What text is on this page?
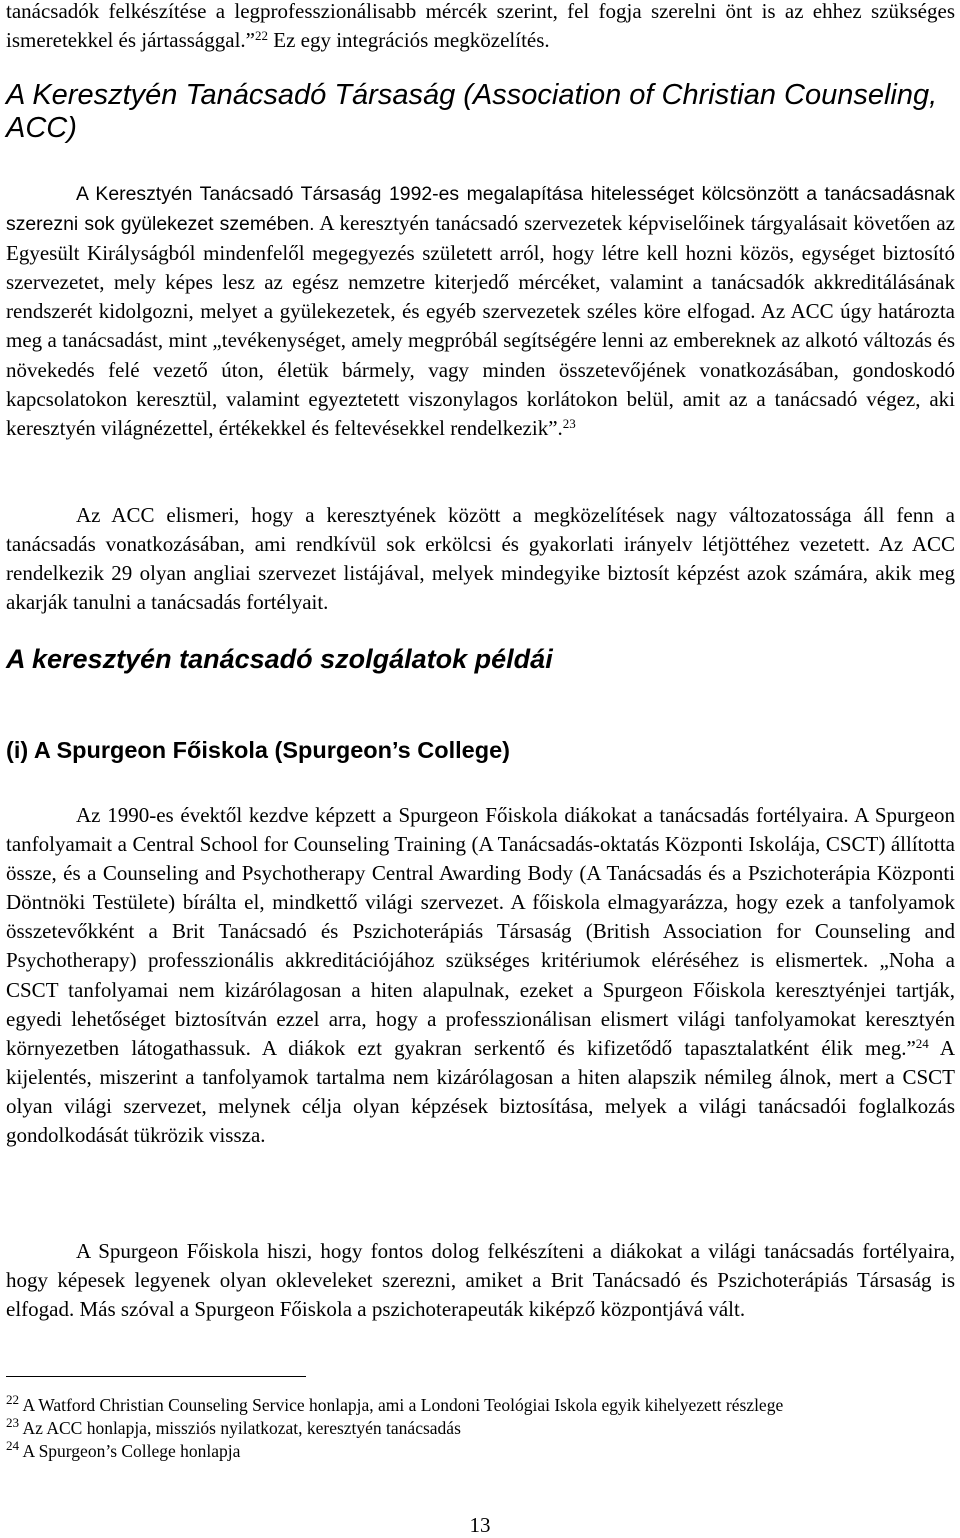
tanácsadók felkészítése a legprofesszionálisabb mércék szerint, fel fogja szerelni önt is az ehhez szükséges ismeretekkel és jártassággal.”$^{22}$ Ez egy integrációs megközelítés.

A Keresztyén Tanácsadó Társaság (Association of Christian Counseling, ACC)

A Keresztyén Tanácsadó Társaság 1992-es megalapítása hitelességet kölcsönzött a tanácsadásnak szerezni sok gyülekezet szemében. A keresztyén tanácsadó szervezetek képviselőinek tárgyalásait követően az Egyesült Királyságból mindenfelől megegyezés született arról, hogy létre kell hozni közös, egységet biztosító szervezetet, mely képes lesz az egész nemzetre kiterjedő mércéket, valamint a tanácsadók akkreditálásának rendszerét kidolgozni, melyet a gyülekezetek, és egyéb szervezetek széles köre elfogad. Az ACC úgy határozta meg a tanácsadást, mint „tevékenységet, amely megpróbál segítségére lenni az embereknek az alkotó változás és növekedés felé vezető úton, életük bármely, vagy minden összetevőjének vonatkozásában, gondoskodó kapcsolatokon keresztül, valamint egyeztetett viszonylagos korlátokon belül, amit az a tanácsadó végez, aki keresztyén világnézettel, értékekkel és feltevésekkel rendelkezik”.$^{23}$

Az ACC elismeri, hogy a keresztyének között a megközelítések nagy változatossága áll fenn a tanácsadás vonatkozásában, ami rendkívül sok erkölcsi és gyakorlati irányelv létjöttéhez vezetett. Az ACC rendelkezik 29 olyan angliai szervezet listájával, melyek mindegyike biztosít képzést azok számára, akik meg akarják tanulni a tanácsadás fortélyait.

A keresztyén tanácsadó szolgálatok példái
(i) A Spurgeon Főiskola (Spurgeon’s College)

Az 1990-es évektől kezdve képzett a Spurgeon Főiskola diákokat a tanácsadás fortélyaira. A Spurgeon tanfolyamait a Central School for Counseling Training (A Tanácsadás-oktatás Központi Iskolája, CSCT) állította össze, és a Counseling and Psychotherapy Central Awarding Body (A Tanácsadás és a Pszichoterápia Központi Döntnöki Testülete) bírálta el, mindkettő világi szervezet. A főiskola elmagyarázza, hogy ezek a tanfolyamok összetevőkként a Brit Tanácsadó és Pszichoterápiás Társaság (British Association for Counseling and Psychotherapy) professzionális akkreditációjához szükséges kritériumok eléréséhez is elismertek. „Noha a CSCT tanfolyamai nem kizárólagosan a hiten alapulnak, ezeket a Spurgeon Főiskola keresztyénjei tartják, egyedi lehetőséget biztosítván ezzel arra, hogy a professzionálisan elismert világi tanfolyamokat keresztyén környezetben látogathassuk. A diákok ezt gyakran serkentő és kifizetődő tapasztalatként élik meg.”$^{24}$ A kijelentés, miszerint a tanfolyamok tartalma nem kizárólagosan a hiten alapszik némileg álnok, mert a CSCT olyan világi szervezet, melynek célja olyan képzések biztosítása, melyek a világi tanácsadói foglalkozás gondolkodását tükrözik vissza.

A Spurgeon Főiskola hiszi, hogy fontos dolog felkészíteni a diákokat a világi tanácsadás fortélyaira, hogy képesek legyenek olyan okleveleket szerezni, amiket a Brit Tanácsadó és Pszichoterápiás Társaság is elfogad. Más szóval a Spurgeon Főiskola a pszichoterapeuták kiképző központjává vált.

$^{22}$ A Watford Christian Counseling Service honlapja, ami a Londoni Teológiai Iskola egyik kihelyezett részlege

$^{23}$ Az ACC honlapja, missziós nyilatkozat, keresztyén tanácsadás

$^{24}$ A Spurgeon’s College honlapja

13
